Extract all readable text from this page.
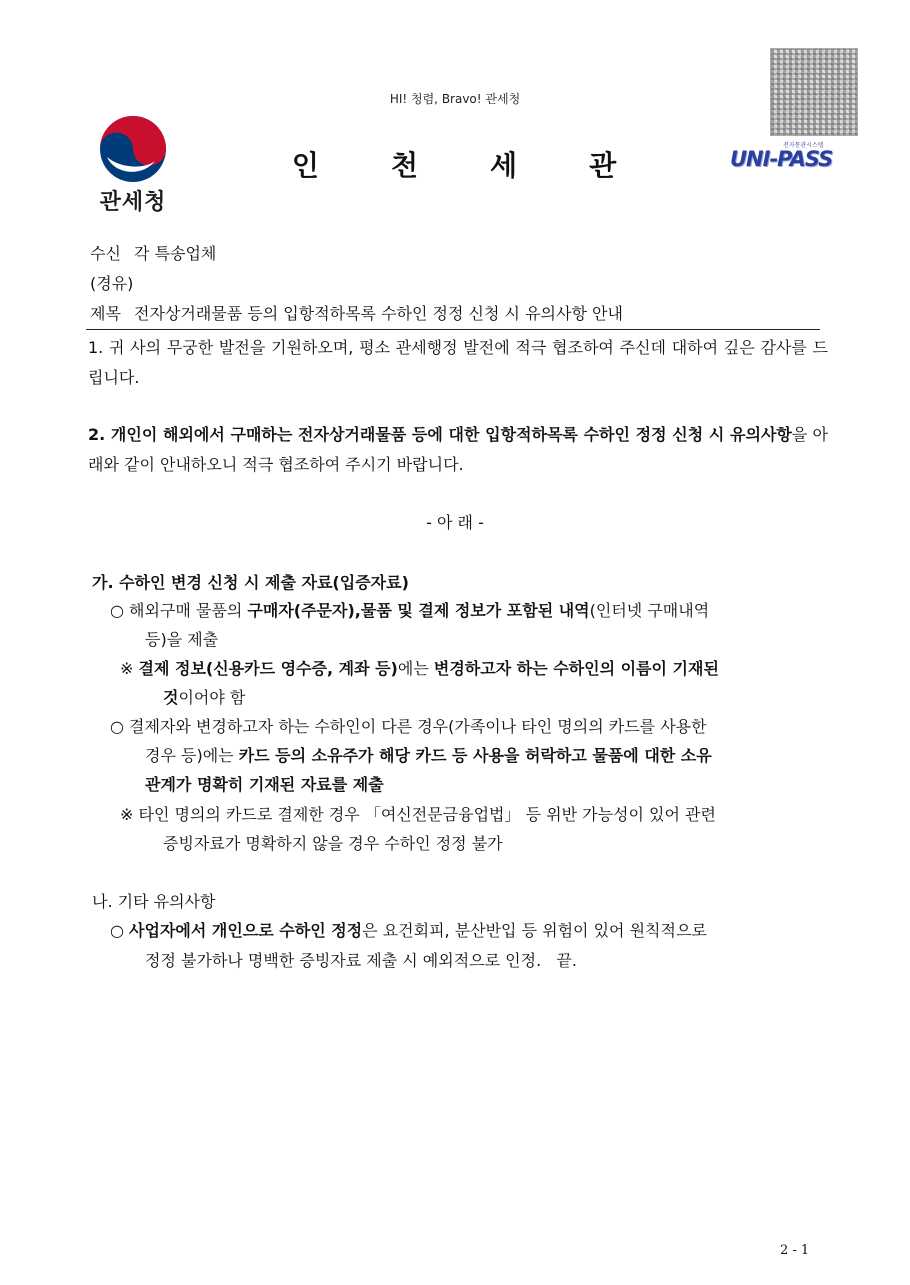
HI! 청렴, Bravo! 관세청
관세청
인	천	세	관
전자통관시스템
UNI-PASS
수신 각 특송업체
(경유)
제목 전자상거래물품 등의 입항적하목록 수하인 정정 신청 시 유의사항 안내
1. 귀 사의 무궁한 발전을 기원하오며, 평소 관세행정 발전에 적극 협조하여 주신데 대하여 깊은 감사를 드립니다.
2. 개인이 해외에서 구매하는 전자상거래물품 등에 대한 입항적하목록 수하인 정정 신청 시 유의사항을 아래와 같이 안내하오니 적극 협조하여 주시기 바랍니다.
- 아 래 -
가. 수하인 변경 신청 시 제출 자료(입증자료)
○ 해외구매 물품의 구매자(주문자),물품 및 결제 정보가 포함된 내역(인터넷 구매내역
등)을 제출
※ 결제 정보(신용카드 영수증, 계좌 등)에는 변경하고자 하는 수하인의 이름이 기재된
것이어야 함
○ 결제자와 변경하고자 하는 수하인이 다른 경우(가족이나 타인 명의의 카드를 사용한
경우 등)에는 카드 등의 소유주가 해당 카드 등 사용을 허락하고 물품에 대한 소유
관계가 명확히 기재된 자료를 제출
※ 타인 명의의 카드로 결제한 경우 「여신전문금융업법」 등 위반 가능성이 있어 관련
증빙자료가 명확하지 않을 경우 수하인 정정 불가
나. 기타 유의사항
○ 사업자에서 개인으로 수하인 정정은 요건회피, 분산반입 등 위험이 있어 원칙적으로
정정 불가하나 명백한 증빙자료 제출 시 예외적으로 인정.   끝.
2 - 1
